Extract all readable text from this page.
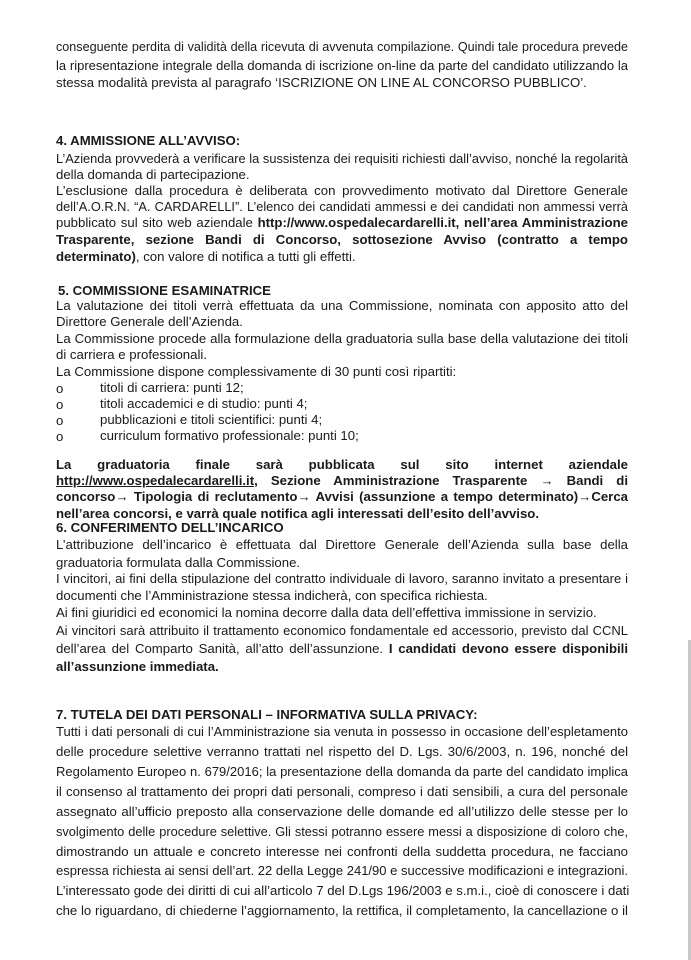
conseguente perdita di validità della ricevuta di avvenuta compilazione. Quindi tale procedura prevede
la ripresentazione integrale della domanda di iscrizione on-line da parte del candidato utilizzando la
stessa modalità prevista al paragrafo ‘ISCRIZIONE ON LINE AL CONCORSO PUBBLICO’.
4. AMMISSIONE ALL’AVVISO:
L’Azienda provvederà a verificare la sussistenza dei requisiti richiesti dall’avviso, nonché la regolarità
della domanda di partecipazione.
L’esclusione dalla procedura è deliberata con provvedimento motivato dal Direttore Generale
dell’A.O.R.N. “A. CARDARELLI”. L’elenco dei candidati ammessi e dei candidati non ammessi verrà
pubblicato sul sito web aziendale http://www.ospedalecardarelli.it, nell’area Amministrazione
Trasparente, sezione Bandi di Concorso, sottosezione Avviso (contratto a tempo
determinato), con valore di notifica a tutti gli effetti.
5. COMMISSIONE ESAMINATRICE
La valutazione dei titoli verrà effettuata da una Commissione, nominata con apposito atto del
Direttore Generale dell’Azienda.
La Commissione procede alla formulazione della graduatoria sulla base della valutazione dei titoli
di carriera e professionali.
La Commissione dispone complessivamente di 30 punti così ripartiti:
o	titoli di carriera: punti 12;
o	titoli accademici e di studio: punti 4;
o	pubblicazioni e titoli scientifici: punti 4;
o	curriculum formativo professionale: punti 10;
La graduatoria finale sarà pubblicata sul sito internet aziendale
http://www.ospedalecardarelli.it, Sezione Amministrazione Trasparente → Bandi di
concorso→ Tipologia di reclutamento→ Avvisi (assunzione a tempo determinato)→Cerca
nell’area concorsi, e varrà quale notifica agli interessati dell’esito dell’avviso.
6. CONFERIMENTO DELL’INCARICO
L’attribuzione dell’incarico è effettuata dal Direttore Generale dell’Azienda sulla base della
graduatoria formulata dalla Commissione.
I vincitori, ai fini della stipulazione del contratto individuale di lavoro, saranno invitato a presentare i
documenti che l’Amministrazione stessa indicherà, con specifica richiesta.
Ai fini giuridici ed economici la nomina decorre dalla data dell’effettiva immissione in servizio.
Ai vincitori sarà attribuito il trattamento economico fondamentale ed accessorio, previsto dal CCNL
dell’area del Comparto Sanità, all’atto dell’assunzione. I candidati devono essere disponibili
all’assunzione immediata.
7. TUTELA DEI DATI PERSONALI – INFORMATIVA SULLA PRIVACY:
Tutti i dati personali di cui l’Amministrazione sia venuta in possesso in occasione dell’espletamento
delle procedure selettive verranno trattati nel rispetto del D. Lgs. 30/6/2003, n. 196, nonché del
Regolamento Europeo n. 679/2016; la presentazione della domanda da parte del candidato implica
il consenso al trattamento dei propri dati personali, compreso i dati sensibili, a cura del personale
assegnato all’ufficio preposto alla conservazione delle domande ed all’utilizzo delle stesse per lo
svolgimento delle procedure selettive. Gli stessi potranno essere messi a disposizione di coloro che,
dimostrando un attuale e concreto interesse nei confronti della suddetta procedura, ne facciano
espressa richiesta ai sensi dell’art. 22 della Legge 241/90 e successive modificazioni e integrazioni.
L’interessato gode dei diritti di cui all’articolo 7 del D.Lgs 196/2003 e s.m.i., cioè di conoscere i dati
che lo riguardano, di chiederne l’aggiornamento, la rettifica, il completamento, la cancellazione o il
